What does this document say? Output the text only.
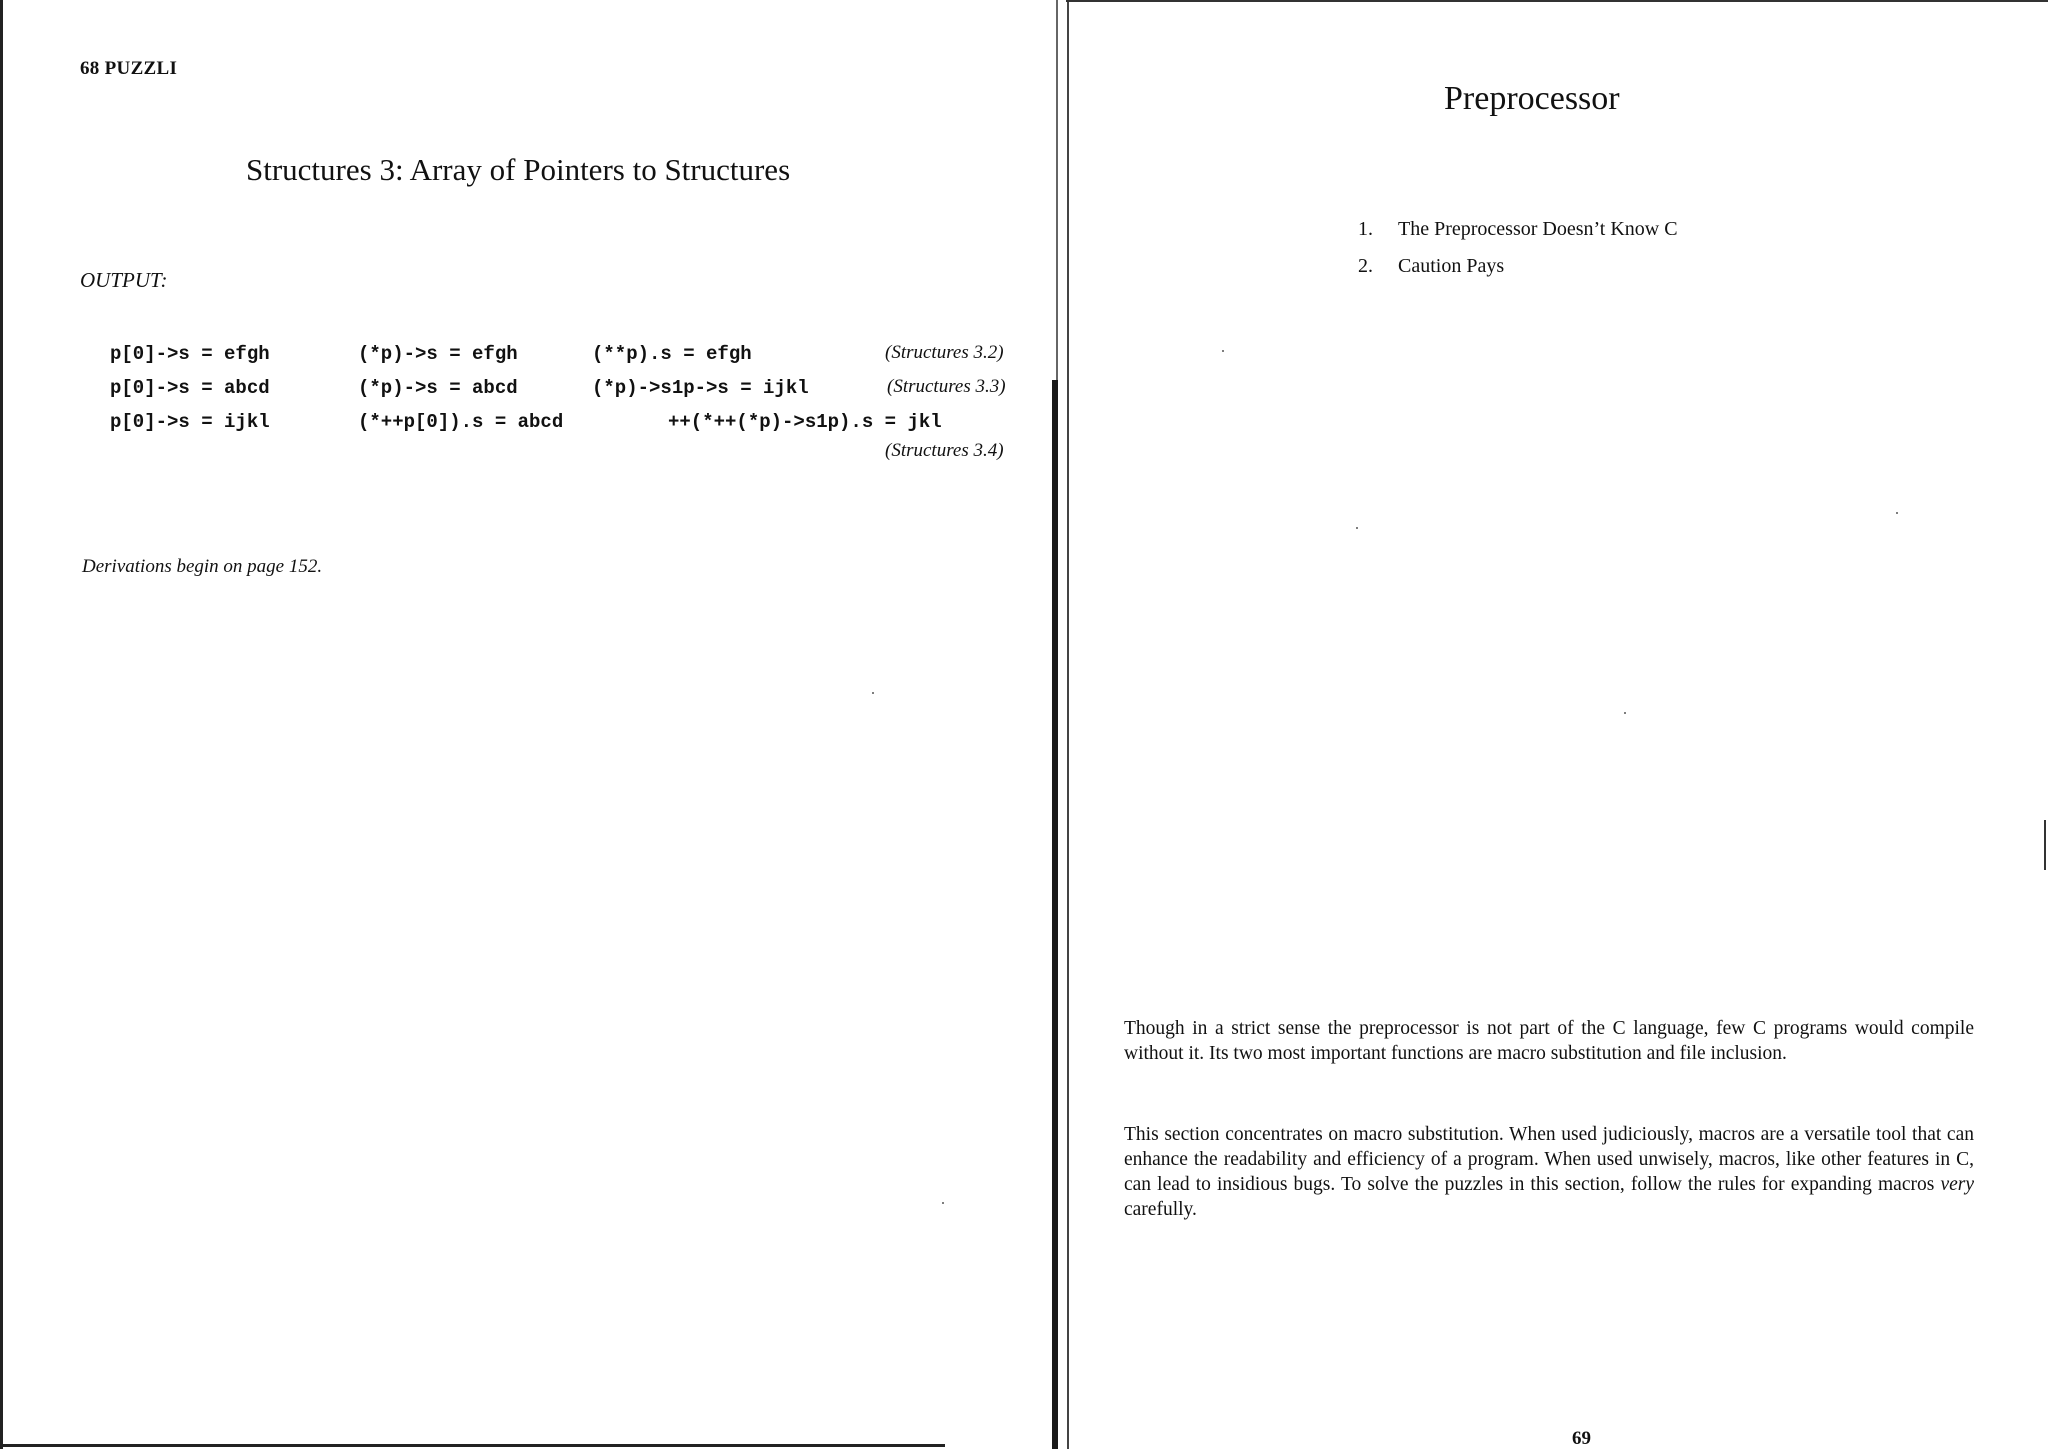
68 PUZZLI
Structures 3: Array of Pointers to Structures
OUTPUT:
p[0]->s = efgh	(*p)->s = efgh	(**p).s = efgh	(Structures 3.2)
p[0]->s = abcd	(*p)->s = abcd	(*p)->s1p->s = ijkl	(Structures 3.3)
p[0]->s = ijkl	(*++p[0]).s = abcd	++(*++(*p)->s1p).s = jkl
(Structures 3.4)
Derivations begin on page 152.
Preprocessor
1.	The Preprocessor Doesn’t Know C
2.	Caution Pays
Though in a strict sense the preprocessor is not part of the C language, few C programs would compile without it. Its two most important functions are macro substitution and file inclusion.
This section concentrates on macro substitution. When used judiciously, macros are a versatile tool that can enhance the readability and efficiency of a program. When used unwisely, macros, like other features in C, can lead to insidious bugs. To solve the puzzles in this section, follow the rules for expanding macros very carefully.
69
